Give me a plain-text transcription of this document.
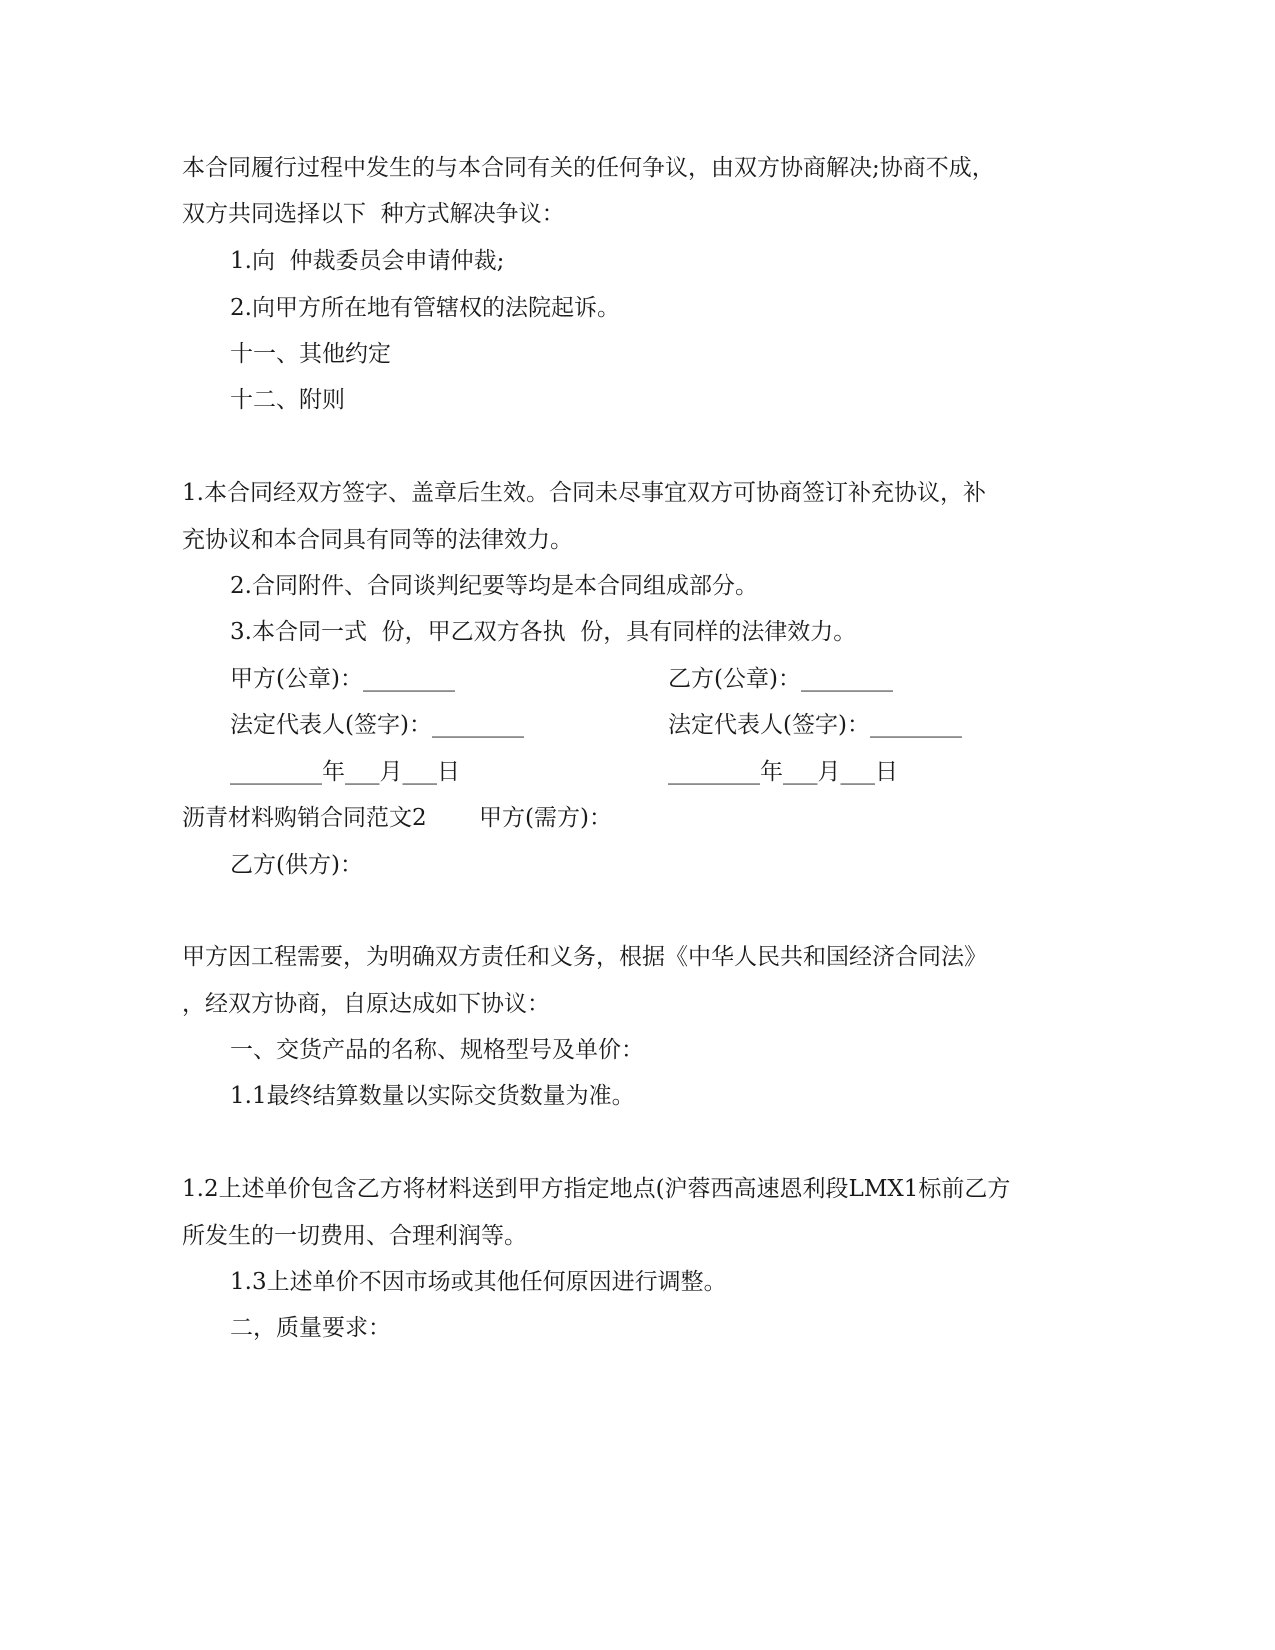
本合同履行过程中发生的与本合同有关的任何争议，由双方协商解决;协商不成，

双方共同选择以下  种方式解决争议：

1.向  仲裁委员会申请仲裁;

2.向甲方所在地有管辖权的法院起诉。

十一、其他约定

十二、附则

1.本合同经双方签字、盖章后生效。合同未尽事宜双方可协商签订补充协议，补

充协议和本合同具有同等的法律效力。

2.合同附件、合同谈判纪要等均是本合同组成部分。

3.本合同一式  份，甲乙双方各执  份，具有同样的法律效力。

甲方(公章)：________	乙方(公章)：________

法定代表人(签字)：________	法定代表人(签字)：________

________年___月___日	________年___月___日

沥青材料购销合同范文2 甲方(需方)：

乙方(供方)：

甲方因工程需要，为明确双方责任和义务，根据《中华人民共和国经济合同法》

，经双方协商，自原达成如下协议：

一、交货产品的名称、规格型号及单价：

1.1最终结算数量以实际交货数量为准。

1.2上述单价包含乙方将材料送到甲方指定地点(沪蓉西高速恩利段LMX1标前乙方

所发生的一切费用、合理利润等。

1.3上述单价不因市场或其他任何原因进行调整。

二，质量要求：
